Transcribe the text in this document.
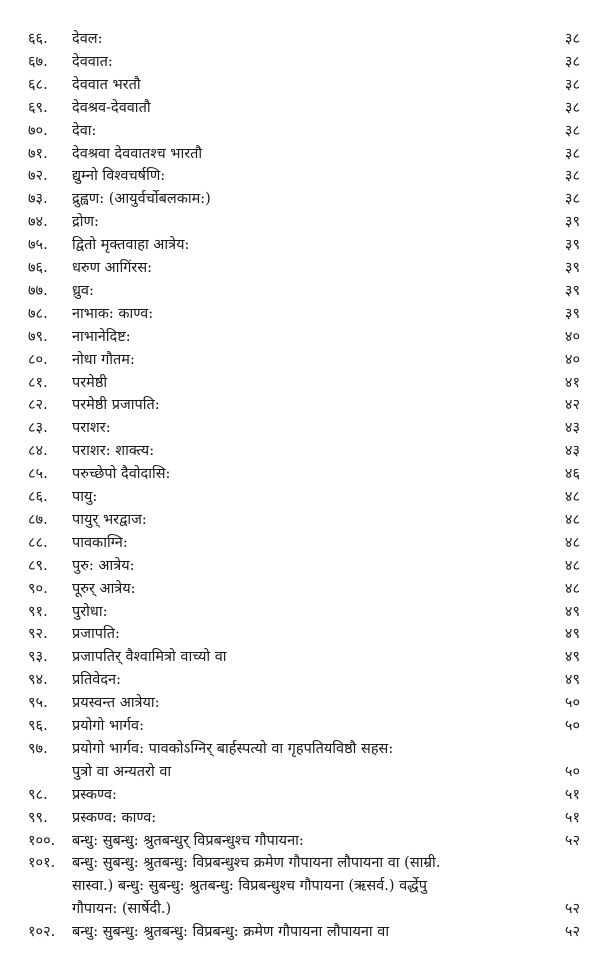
६६. देवल:	३८
६७. देववात:	३८
६८. देववात भरतौ	३८
६९. देवश्रव-देववातौ	३८
७०. देवा:	३८
७१. देवश्रवा देववातश्च भारतौ	३८
७२. द्युम्नो विश्वचर्षणि:	३८
७३. द्रुह्वण: (आयुर्वर्चोबलकाम:)	३८
७४. द्रोण:	३९
७५. द्वितो मृक्तवाहा आत्रेय:	३९
७६. धरुण आगिंरस:	३९
७७. ध्रुव:	३९
७८. नाभाक: काण्व:	३९
७९. नाभानेदिष्ट:	४०
८०. नोधा गौतम:	४०
८१. परमेष्ठी	४१
८२. परमेष्ठी प्रजापति:	४२
८३. पराशर:	४३
८४. पराशर: शाक्त्य:	४३
८५. परुच्छेपो दैवोदासि:	४६
८६. पायु:	४८
८७. पायुर् भरद्वाज:	४८
८८. पावकाग्नि:	४८
८९. पुरु: आत्रेय:	४८
९०. पूरुर् आत्रेय:	४८
९१. पुरोधा:	४९
९२. प्रजापति:	४९
९३. प्रजापतिर् वैश्वामित्रो वाच्यो वा	४९
९४. प्रतिवेदन:	४९
९५. प्रयस्वन्त आत्रेया:	५०
९६. प्रयोगो भार्गव:	५०
९७. प्रयोगो भार्गव: पावकोऽग्निर् बार्हस्पत्यो वा गृहपतियविष्ठौ सहस:
पुत्रो वा अन्यतरो वा	५०
९८. प्रस्कण्व:	५१
९९. प्रस्कण्व: काण्व:	५१
१००. बन्धु: सुबन्धु: श्रुतबन्धुर् विप्रबन्धुश्च गौपायना:	५२
१०१. बन्धु: सुबन्धु: श्रुतबन्धु: विप्रबन्धुश्च क्रमेण गौपायना लौपायना वा (साम्री.
सास्वा.) बन्धु: सुबन्धु: श्रुतबन्धु: विप्रबन्धुश्च गौपायना (ऋसर्व.) वर्द्धेपु
गौपायन: (सार्षेदी.)	५२
१०२. बन्धु: सुबन्धु: श्रुतबन्धु: विप्रबन्धु: क्रमेण गौपायना लौपायना वा	५२
